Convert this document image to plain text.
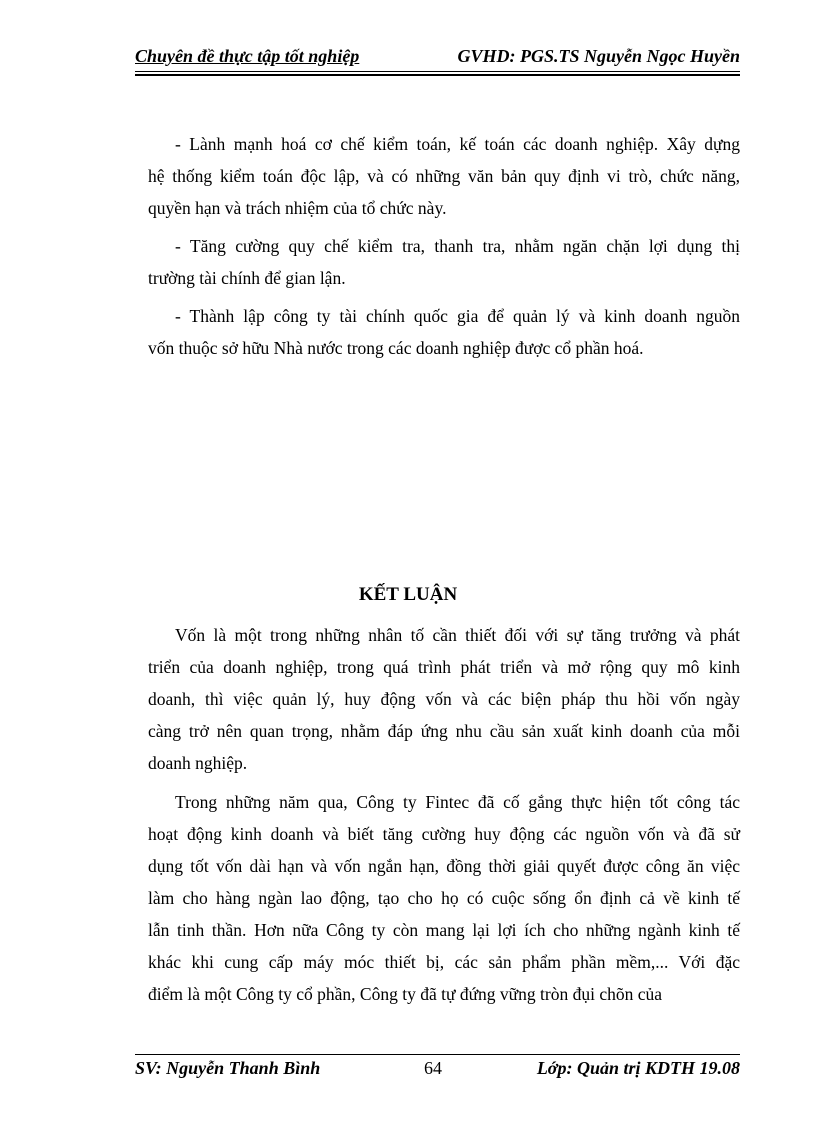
Chuyên đề thực tập tốt nghiệp	GVHD: PGS.TS Nguyễn Ngọc Huyền
- Lành mạnh hoá cơ chế kiểm toán, kế toán các doanh nghiệp. Xây dựng
hệ thống kiểm toán độc lập, và có những văn bản quy định vi trò, chức năng,
quyền hạn và trách nhiệm của tổ chức này.
- Tăng cường quy chế kiểm tra, thanh tra, nhằm ngăn chặn lợi dụng thị
trường tài chính để gian lận.
- Thành lập công ty tài chính quốc gia để quản lý và kinh doanh nguồn
vốn thuộc sở hữu Nhà nước trong các doanh nghiệp được cổ phần hoá.
Vốn là một trong những nhân tố cần thiết đối với sự tăng trưởng và phát
triển của doanh nghiệp, trong quá trình phát triển và mở rộng quy mô kinh
doanh, thì việc quản lý, huy động vốn và các biện pháp thu hồi vốn ngày
càng trở nên quan trọng, nhằm đáp ứng nhu cầu sản xuất kinh doanh của mỗi
doanh nghiệp.
Trong những năm qua, Công ty Fintec đã cố gắng thực hiện tốt công tác
hoạt động kinh doanh và biết tăng cường huy động các nguồn vốn và đã sử
dụng tốt vốn dài hạn và vốn ngắn hạn, đồng thời giải quyết được công ăn việc
làm cho hàng ngàn lao động, tạo cho họ có cuộc sống ổn định cả về kinh tế
lẫn tinh thần. Hơn nữa Công ty còn mang lại lợi ích cho những ngành kinh tế
khác khi cung cấp máy móc thiết bị, các sản phẩm phần mềm,... Với đặc
điểm là một Công ty cổ phần, Công ty đã tự đứng vững tròn đụi chõn của
KẾT LUẬN
SV: Nguyễn Thanh Bình	64	Lớp: Quản trị KDTH 19.08
